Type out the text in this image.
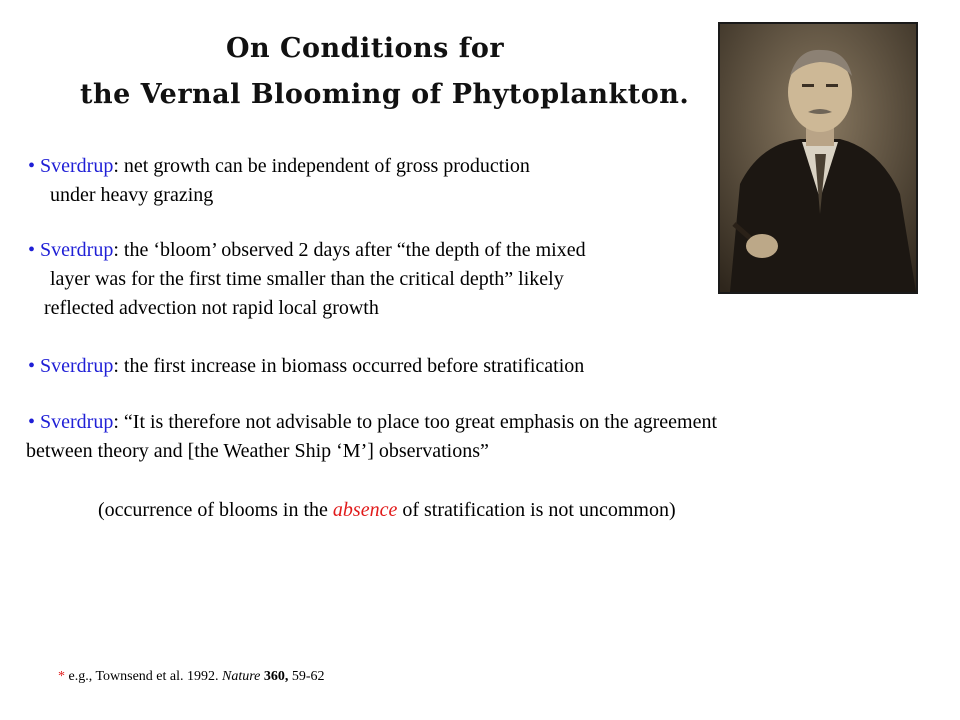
On Conditions for
the Vernal Blooming of Phytoplankton.
• Sverdrup: net growth can be independent of gross production
under heavy grazing
• Sverdrup: the ‘bloom’ observed 2 days after “the depth of the mixed
layer was for the first time smaller than the critical depth” likely
reflected advection not rapid local growth
• Sverdrup: the first increase in biomass occurred before stratification
• Sverdrup: “It is therefore not advisable to place too great emphasis on the agreement
between theory and [the Weather Ship ‘M’] observations”
(occurrence of blooms in the absence of stratification is not uncommon)
* e.g., Townsend et al. 1992. Nature 360, 59-62
